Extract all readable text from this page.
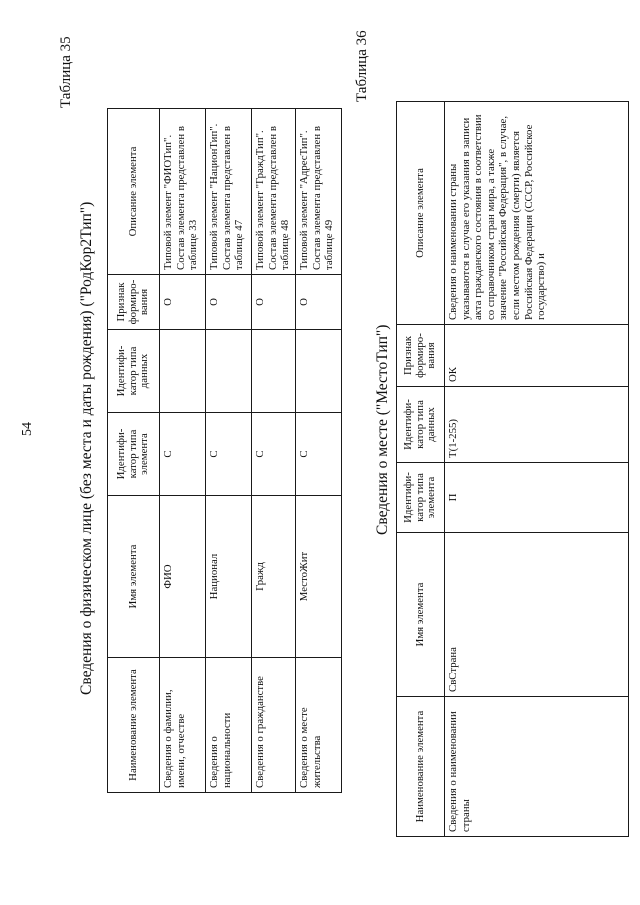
54
Таблица 35
Сведения о физическом лице (без места и даты рождения) ("РодКор2Тип")
Наименование элемента	Имя элемента	Идентифи-катор типа элемента	Идентифи-катор типа данных	Признак формиро-вания	Описание элемента
Сведения о фамилии, имени, отчестве	ФИО	С		О	Типовой элемент "ФИОТип". Состав элемента представлен в таблице 33
Сведения о национальности	Национал	С		О	Типовой элемент "НационТип". Состав элемента представлен в таблице 47
Сведения о гражданстве	Гражд	С		О	Типовой элемент "ГраждТип". Состав элемента представлен в таблице 48
Сведения о месте жительства	МестоЖит	С		О	Типовой элемент "АдресТип". Состав элемента представлен в таблице 49
Таблица 36
Сведения о месте ("МестоТип")
Наименование элемента	Имя элемента	Идентифи-катор типа элемента	Идентифи-катор типа данных	Признак формиро-вания	Описание элемента
Сведения о наименовании страны	СвСтрана	П	T(1-255)	ОК	Сведения о наименовании страны указываются в случае его указания в записи акта гражданского состояния в соответствии со справочником стран мира, а также значение "Российская Федерация", в случае, если местом рождения (смерти) является Российская Федерация (СССР, Российское государство) и
